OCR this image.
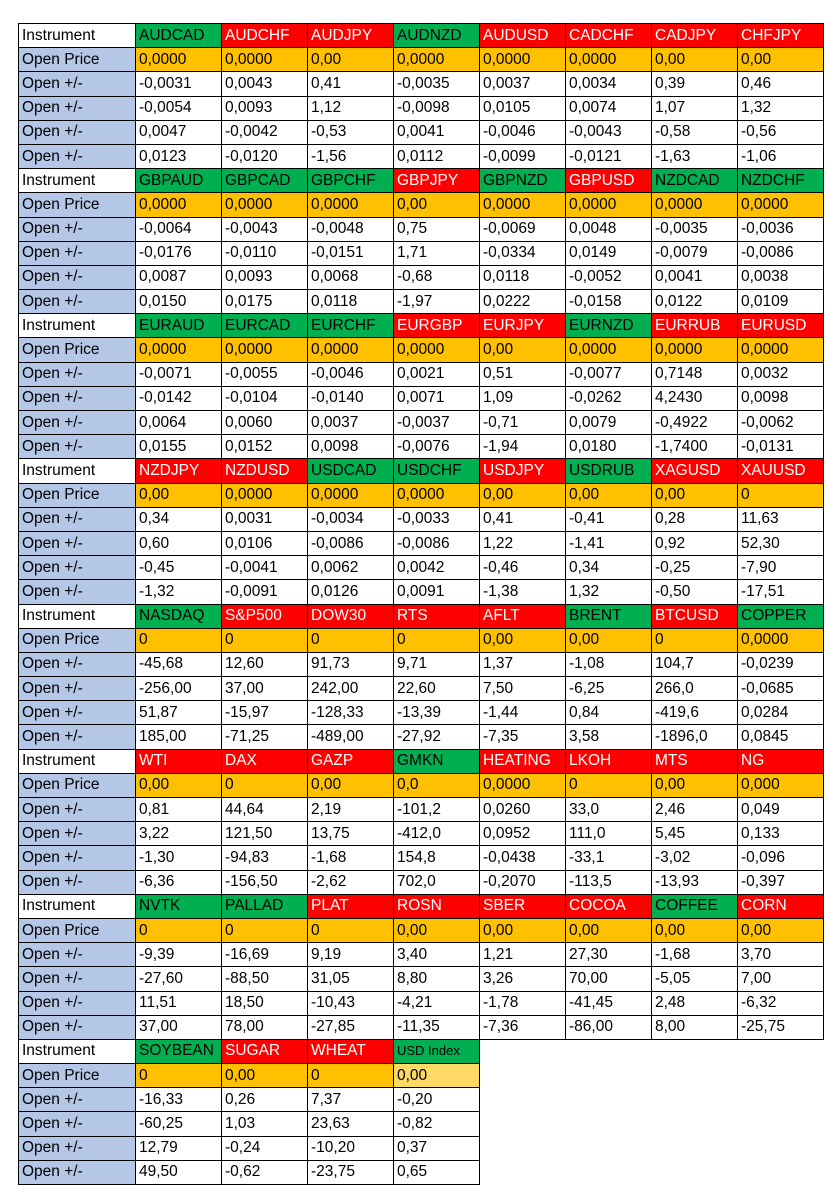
Instrument	AUDCAD	AUDCHF	AUDJPY	AUDNZD	AUDUSD	CADCHF	CADJPY	CHFJPY
Open Price	0,0000	0,0000	0,00	0,0000	0,0000	0,0000	0,00	0,00
Open +/-	-0,0031	0,0043	0,41	-0,0035	0,0037	0,0034	0,39	0,46
Open +/-	-0,0054	0,0093	1,12	-0,0098	0,0105	0,0074	1,07	1,32
Open +/-	0,0047	-0,0042	-0,53	0,0041	-0,0046	-0,0043	-0,58	-0,56
Open +/-	0,0123	-0,0120	-1,56	0,0112	-0,0099	-0,0121	-1,63	-1,06
Instrument	GBPAUD	GBPCAD	GBPCHF	GBPJPY	GBPNZD	GBPUSD	NZDCAD	NZDCHF
Open Price	0,0000	0,0000	0,0000	0,00	0,0000	0,0000	0,0000	0,0000
Open +/-	-0,0064	-0,0043	-0,0048	0,75	-0,0069	0,0048	-0,0035	-0,0036
Open +/-	-0,0176	-0,0110	-0,0151	1,71	-0,0334	0,0149	-0,0079	-0,0086
Open +/-	0,0087	0,0093	0,0068	-0,68	0,0118	-0,0052	0,0041	0,0038
Open +/-	0,0150	0,0175	0,0118	-1,97	0,0222	-0,0158	0,0122	0,0109
Instrument	EURAUD	EURCAD	EURCHF	EURGBP	EURJPY	EURNZD	EURRUB	EURUSD
Open Price	0,0000	0,0000	0,0000	0,0000	0,00	0,0000	0,0000	0,0000
Open +/-	-0,0071	-0,0055	-0,0046	0,0021	0,51	-0,0077	0,7148	0,0032
Open +/-	-0,0142	-0,0104	-0,0140	0,0071	1,09	-0,0262	4,2430	0,0098
Open +/-	0,0064	0,0060	0,0037	-0,0037	-0,71	0,0079	-0,4922	-0,0062
Open +/-	0,0155	0,0152	0,0098	-0,0076	-1,94	0,0180	-1,7400	-0,0131
Instrument	NZDJPY	NZDUSD	USDCAD	USDCHF	USDJPY	USDRUB	XAGUSD	XAUUSD
Open Price	0,00	0,0000	0,0000	0,0000	0,00	0,00	0,00	0
Open +/-	0,34	0,0031	-0,0034	-0,0033	0,41	-0,41	0,28	11,63
Open +/-	0,60	0,0106	-0,0086	-0,0086	1,22	-1,41	0,92	52,30
Open +/-	-0,45	-0,0041	0,0062	0,0042	-0,46	0,34	-0,25	-7,90
Open +/-	-1,32	-0,0091	0,0126	0,0091	-1,38	1,32	-0,50	-17,51
Instrument	NASDAQ	S&P500	DOW30	RTS	AFLT	BRENT	BTCUSD	COPPER
Open Price	0	0	0	0	0,00	0,00	0	0,0000
Open +/-	-45,68	12,60	91,73	9,71	1,37	-1,08	104,7	-0,0239
Open +/-	-256,00	37,00	242,00	22,60	7,50	-6,25	266,0	-0,0685
Open +/-	51,87	-15,97	-128,33	-13,39	-1,44	0,84	-419,6	0,0284
Open +/-	185,00	-71,25	-489,00	-27,92	-7,35	3,58	-1896,0	0,0845
Instrument	WTI	DAX	GAZP	GMKN	HEATING	LKOH	MTS	NG
Open Price	0,00	0	0,00	0,0	0,0000	0	0,00	0,000
Open +/-	0,81	44,64	2,19	-101,2	0,0260	33,0	2,46	0,049
Open +/-	3,22	121,50	13,75	-412,0	0,0952	111,0	5,45	0,133
Open +/-	-1,30	-94,83	-1,68	154,8	-0,0438	-33,1	-3,02	-0,096
Open +/-	-6,36	-156,50	-2,62	702,0	-0,2070	-113,5	-13,93	-0,397
Instrument	NVTK	PALLAD	PLAT	ROSN	SBER	COCOA	COFFEE	CORN
Open Price	0	0	0	0,00	0,00	0,00	0,00	0,00
Open +/-	-9,39	-16,69	9,19	3,40	1,21	27,30	-1,68	3,70
Open +/-	-27,60	-88,50	31,05	8,80	3,26	70,00	-5,05	7,00
Open +/-	11,51	18,50	-10,43	-4,21	-1,78	-41,45	2,48	-6,32
Open +/-	37,00	78,00	-27,85	-11,35	-7,36	-86,00	8,00	-25,75
Instrument	SOYBEAN	SUGAR	WHEAT	USD Index				
Open Price	0	0,00	0	0,00				
Open +/-	-16,33	0,26	7,37	-0,20				
Open +/-	-60,25	1,03	23,63	-0,82				
Open +/-	12,79	-0,24	-10,20	0,37				
Open +/-	49,50	-0,62	-23,75	0,65				
